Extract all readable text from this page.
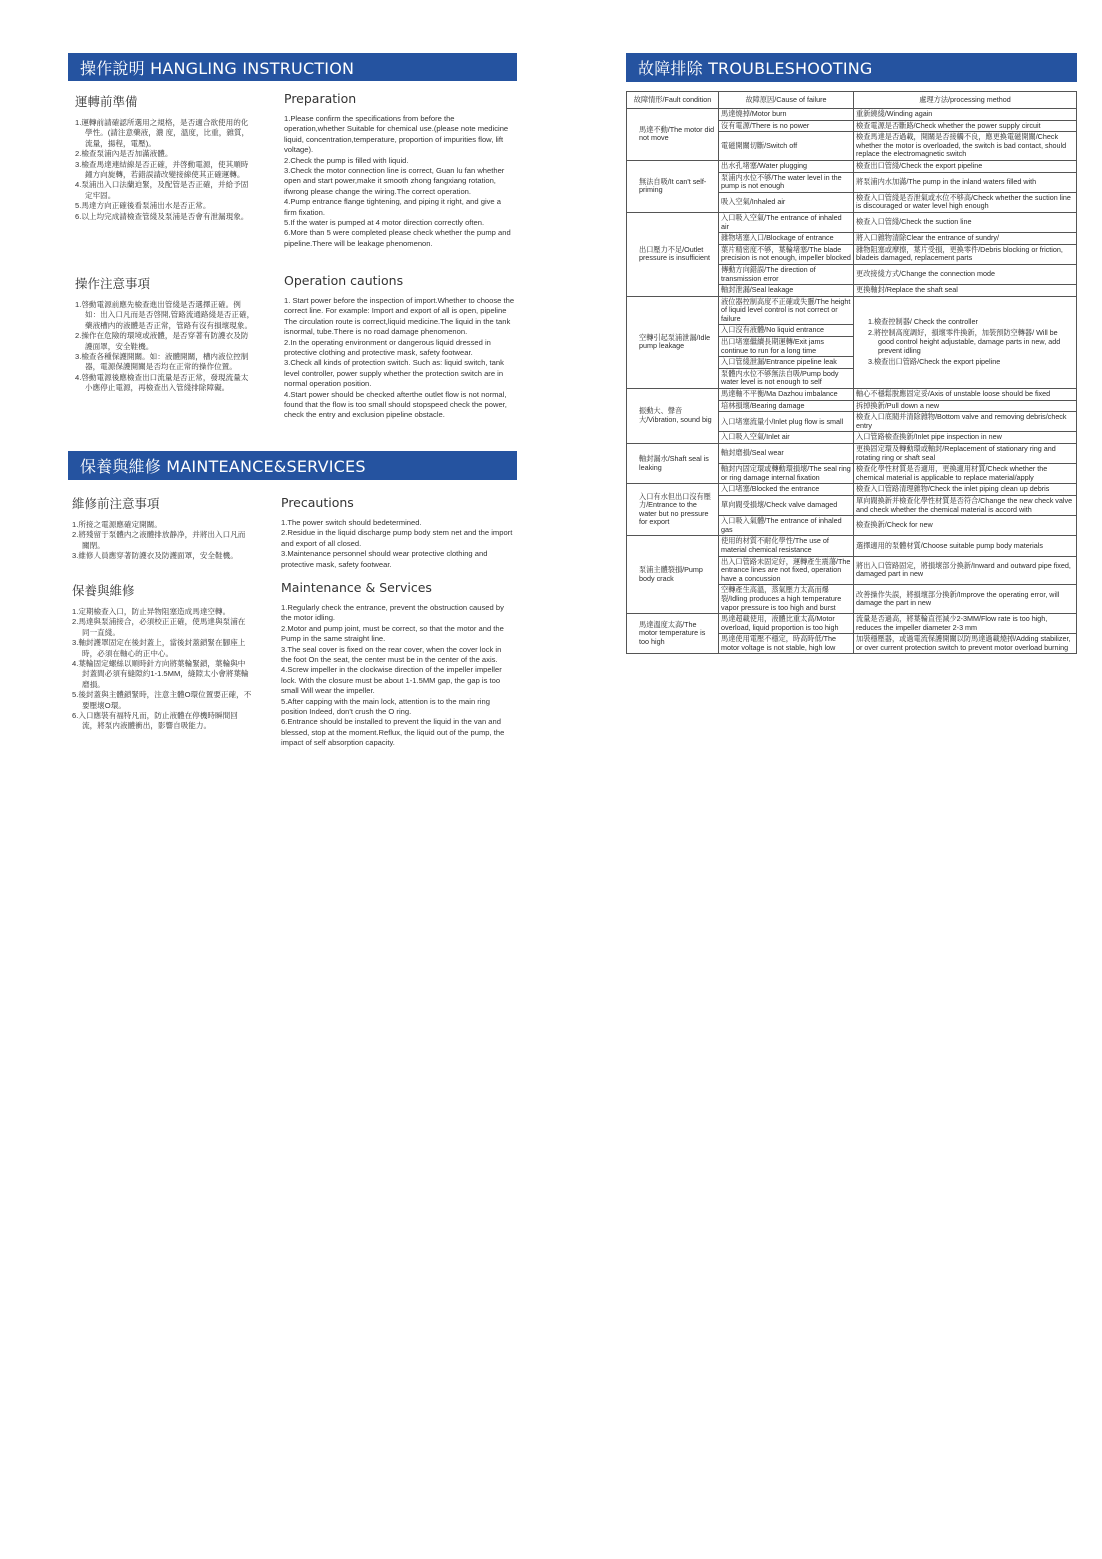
操作說明 HANGLING INSTRUCTION
運轉前準備
1.運轉前請確認所選用之規格，是否適合欲使用的化學性。(請注意藥液，濃 度，溫度，比重，雜質，流量，揚程，電壓)。
2.檢查泵浦內是否加滿液體。
3.檢查馬達連結線是否正確，并啓動電源，使其順時鐘方向旋轉，若錯誤請改變接線使其正確運轉。
4.泵浦出入口法蘭迫緊，及配管是否正確，并給予固定牢固。
5.馬達方向正確後看泵浦出水是否正常。
6.以上均完成請檢查管綫及泵浦是否會有泄漏現象。
Preparation
1.Please confirm the specifications from before the operation,whether Suitable for chemical use.(please note medicine liquid, concentration,temperature, proportion of impurities flow, lift voltage).
2.Check the pump is filled with liquid.
3.Check the motor connection line is correct, Guan lu fan whether open and start power,make it smooth zhong fangxiang rotation, ifwrong please change the wiring.The correct operation.
4.Pump entrance flange tightening, and piping it right, and give a firm fixation.
5.If the water is pumped at 4 motor direction correctly often.
6.More than 5 were completed please check whether the pump and pipeline.There will be leakage phenomenon.
操作注意事項
1.啓動電源前應先檢查進出管綫是否選擇正確。例如：出入口凡而是否啓開,管路流通路綫是否正確，藥液槽内的液體是否正常，管路有沒有損壞現象。
2.操作在危險的環境或液體，是否穿著有防護衣及防護面罩，安全鞋機。
3.檢查各種保護開關。如：液體開關，槽内液位控制器，電源保護開關是否均在正常的操作位置。
4.啓動電源後應檢查出口流量是否正常，發現流量太小應停止電源，再檢查出入管綫排除障礙。
Operation cautions
1. Start power before the inspection of import.Whether to choose the correct line. For example: Import and export of all is open, pipeline The circulation route is correct,liquid medicine.The liquid in the tank isnormal, tube.There is no road damage phenomenon.
2.In the operating environment or dangerous liquid dressed in protective clothing and protective mask, safety footwear.
3.Check all kinds of protection switch. Such as: liquid switch, tank level controller, power supply whether the protection switch are in normal operation position.
4.Start power should be checked afterthe outlet flow is not normal, found that the flow is too small should stopspeed check the power, check the entry and exclusion pipeline obstacle.
保養與維修 MAINTEANCE&SERVICES
維修前注意事項
1.所接之電源應確定開關。
2.將殘留于泵體内之液體排放静净，并將出入口凡而關閉。
3.維修人員應穿著防護衣及防護面罩，安全鞋機。
Precautions
1.The power switch should bedetermined.
2.Residue in the liquid discharge pump body stem net and the import and export of all closed.
3.Maintenance personnel should wear protective clothing and protective mask, safety footwear.
保養與維修
1.定期檢查入口，防止异物阻塞造成馬達空轉。
2.馬達與泵浦接合，必須校正正確，使馬達與泵浦在同一直綫。
3.軸封護罩固定在後封蓋上，當後封蓋鎖緊在腳座上時，必須在軸心的正中心。
4.葉輪固定螺絲以順時針方向將葉輪緊鎖，葉輪與中封蓋間必須有縫隙約1-1.5MM，縫隙太小會將葉輪磨損。
5.後封蓋與主體鎖緊時，注意主體O環位置要正確，不要壓壞O環。
6.入口應裝有福特凡而，防止液體在停機時瞬間回流，將泵内液體衝出，影響自吸能力。
Maintenance & Services
1.Regularly check the entrance, prevent the obstruction caused by the motor idling.
2.Motor and pump joint, must be correct, so that the motor and the Pump in the same straight line.
3.The seal cover is fixed on the rear cover, when the cover lock in the foot On the seat, the center must be in the center of the axis.
4.Screw impeller in the clockwise direction of the impeller impeller lock. With the closure must be about 1-1.5MM gap, the gap is too small Will wear the impeller.
5.After capping with the main lock, attention is to the main ring position Indeed, don't crush the O ring.
6.Entrance should be installed to prevent the liquid in the van and blessed, stop at the moment.Reflux, the liquid out of the pump, the impact of self absorption capacity.
故障排除 TROUBLESHOOTING
故障情形/Fault condition	故障原因/Cause of failure	處理方法/processing method
馬達不動/The motor did not move	馬達燒掉/Motor burn	重新繞綫/Winding again
	沒有電源/There is no power	檢查電源是否斷路/Check whether the power supply circuit
	電磁開關切斷/Switch off	檢查馬達是否過載，開關是否接觸不良，應更換電磁開關/Check whether the motor is overloaded, the switch is bad contact, should replace the electromagnetic switch
無法自吸/It can't self-priming	出水孔堵塞/Water plugging	檢查出口管綫/Check the export pipeline
	泵浦内水位不够/The water level in the pump is not enough	將泵浦内水加滿/The pump in the inland waters filled with
	吸入空氣/Inhaled air	檢查入口管綫是否泄氣或水位不够高/Check whether the suction line is discouraged or water level high enough
出口壓力不足/Outlet pressure is insufficient	入口吸入空氣/The entrance of inhaled air	檢查入口管綫/Check the suction line
	雜物堵塞入口/Blockage of entrance	將入口雜物清除Clear the entrance of sundry/
	葉片精密度不够，葉輪堵塞/The blade precision is not enough, impeller blocked	雜物阻塞或摩擦，葉片受損，更換零件/Debris blocking or friction, bladeis damaged, replacement parts
	傳動方向錯誤/The direction of transmission error	更改接綫方式/Change the connection mode
	軸封泄漏/Seal leakage	更換軸封/Replace the shaft seal
空轉引起泵浦泄漏/Idle pump leakage	液位器控制高度不正確或失靈/The height of liquid level control is not correct or failure	1.檢查控制器/ Check the controller
2.將控制高度調好，損壞零件換新，加裝預防空轉器/ Will be good control height adjustable, damage parts in new, add prevent idling
3.檢查出口管路/Check the export pipeline

	入口沒有液體/No liquid entrance	
	出口堵塞繼續長期運轉/Exit jams continue to run for a long time	
	入口管綫泄漏/Entrance pipeline leak	
	泵體内水位不够無法自吸/Pump body water level is not enough to self	
振動大、聲音大/Vibration, sound big	馬達軸不平衡/Ma Dazhou imbalance	軸心不穩鬆脫應固定妥/Axis of unstable loose should be fixed
	培林損壞/Bearing damage	拆掉換新/Pull down a new
	入口堵塞流量小/Inlet plug flow is small	檢查入口底閥并清除雜物/Bottom valve and removing debris/check entry
	入口吸入空氣/Inlet air	入口管路檢查換新/Inlet pipe inspection in new
軸封漏水/Shaft seal is leaking	軸封磨損/Seal wear	更換固定環及轉動環或軸封/Replacement of stationary ring and rotating ring or shaft seal
	軸封内固定環或轉動環損壞/The seal ring or ring damage internal fixation	檢查化學性材質是否適用，更換適用材質/Check whether the chemical material is applicable to replace material/apply
入口有水但出口沒有壓力/Entrance to the water but no pressure for export	入口堵塞/Blocked the entrance	檢查入口管路清理雜物/Check the inlet piping clean up debris
	單向閥受損壞/Check valve damaged	單向閥換新并檢查化學性材質是否符合/Change the new check valve and check whether the chemical material is accord with
	入口吸入氣體/The entrance of inhaled gas	檢查換新/Check for new
泵浦主體裂損/Pump body crack	使用的材質不耐化學性/The use of material chemical resistance	選擇適用的泵體材質/Choose suitable pump body materials
	出入口管路未固定好，運轉產生震蕩/The entrance lines are not fixed, operation have a concussion	將出入口管路固定，將損壞部分換新/Inward and outward pipe fixed, damaged part in new
	空轉產生高溫，蒸氣壓力太高而爆裂/Idling produces a high temperature vapor pressure is too high and burst	改善操作失誤，將損壞部分換新/Improve the operating error, will damage the part in new
馬達溫度太高/The motor temperature is too high	馬達超載使用，液體比重太高/Motor overload, liquid proportion is too high	流量是否過高，將葉輪直徑減少2-3MM/Flow rate is too high, reduces the impeller diameter 2-3 mm
	馬達使用電壓不穩定，時高時低/The motor voltage is not stable, high low	加裝穩壓器，或過電流保護開關以防馬達過載燒掉/Adding stabilizer, or over current protection switch to prevent motor overload burning
